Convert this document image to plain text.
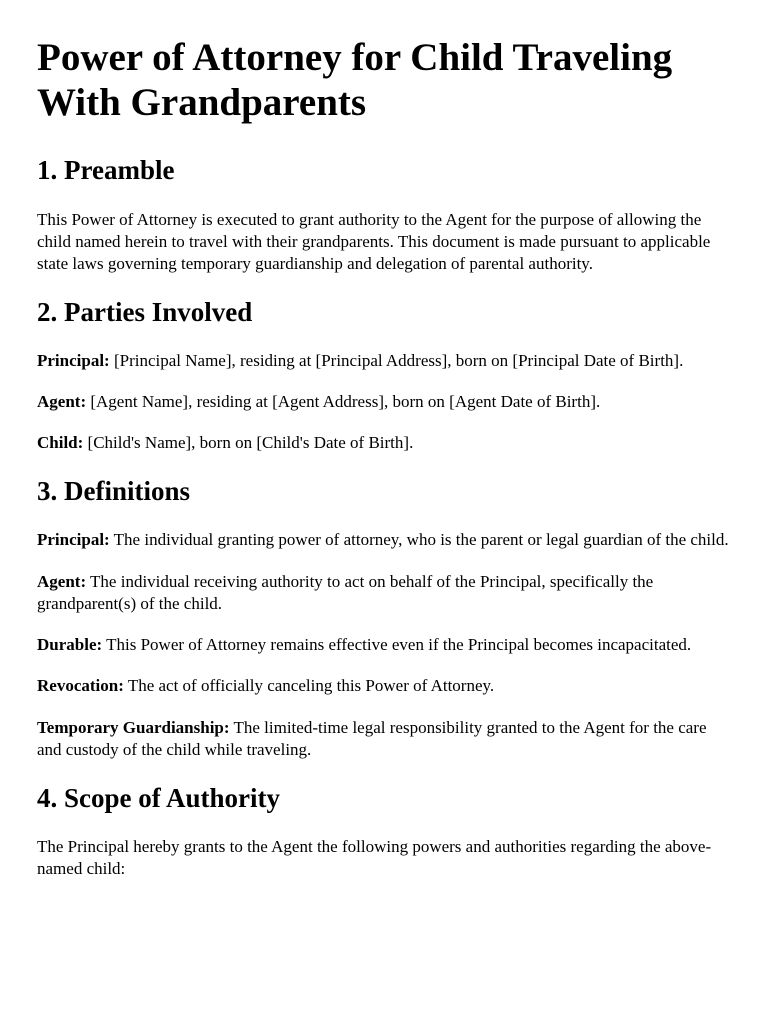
Power of Attorney for Child Traveling With Grandparents
1. Preamble

This Power of Attorney is executed to grant authority to the Agent for the purpose of allowing the child named herein to travel with their grandparents. This document is made pursuant to applicable state laws governing temporary guardianship and delegation of parental authority.

2. Parties Involved

Principal: [Principal Name], residing at [Principal Address], born on [Principal Date of Birth].

Agent: [Agent Name], residing at [Agent Address], born on [Agent Date of Birth].

Child: [Child's Name], born on [Child's Date of Birth].

3. Definitions

Principal: The individual granting power of attorney, who is the parent or legal guardian of the child.

Agent: The individual receiving authority to act on behalf of the Principal, specifically the grandparent(s) of the child.

Durable: This Power of Attorney remains effective even if the Principal becomes incapacitated.

Revocation: The act of officially canceling this Power of Attorney.

Temporary Guardianship: The limited-time legal responsibility granted to the Agent for the care and custody of the child while traveling.

4. Scope of Authority

The Principal hereby grants to the Agent the following powers and authorities regarding the above-named child:
